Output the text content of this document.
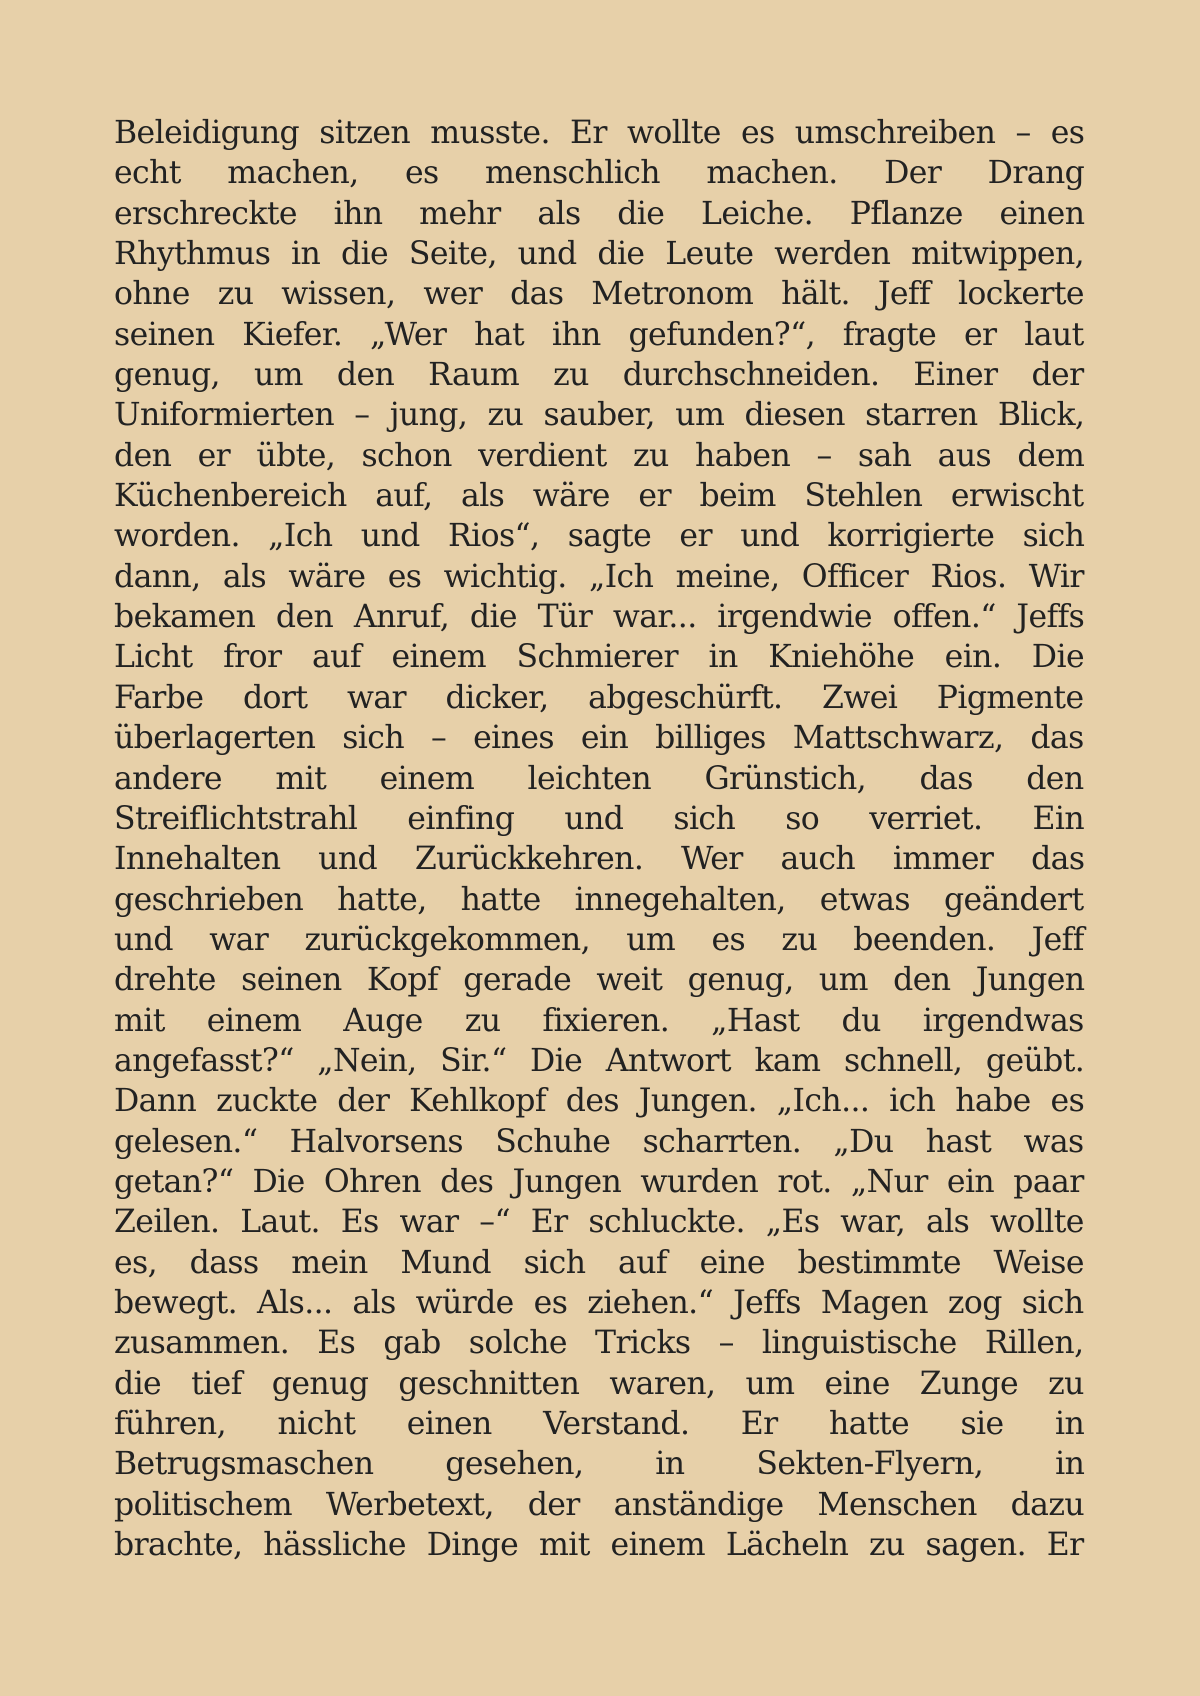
Beleidigung sitzen musste. Er wollte es umschreiben – es
echt machen, es menschlich machen. Der Drang
erschreckte ihn mehr als die Leiche. Pflanze einen
Rhythmus in die Seite, und die Leute werden mitwippen,
ohne zu wissen, wer das Metronom hält. Jeff lockerte
seinen Kiefer. „Wer hat ihn gefunden?“, fragte er laut
genug, um den Raum zu durchschneiden. Einer der
Uniformierten – jung, zu sauber, um diesen starren Blick,
den er übte, schon verdient zu haben – sah aus dem
Küchenbereich auf, als wäre er beim Stehlen erwischt
worden. „Ich und Rios“, sagte er und korrigierte sich
dann, als wäre es wichtig. „Ich meine, Officer Rios. Wir
bekamen den Anruf, die Tür war... irgendwie offen.“ Jeffs
Licht fror auf einem Schmierer in Kniehöhe ein. Die
Farbe dort war dicker, abgeschürft. Zwei Pigmente
überlagerten sich – eines ein billiges Mattschwarz, das
andere mit einem leichten Grünstich, das den
Streiflichtstrahl einfing und sich so verriet. Ein
Innehalten und Zurückkehren. Wer auch immer das
geschrieben hatte, hatte innegehalten, etwas geändert
und war zurückgekommen, um es zu beenden. Jeff
drehte seinen Kopf gerade weit genug, um den Jungen
mit einem Auge zu fixieren. „Hast du irgendwas
angefasst?“ „Nein, Sir.“ Die Antwort kam schnell, geübt.
Dann zuckte der Kehlkopf des Jungen. „Ich... ich habe es
gelesen.“ Halvorsens Schuhe scharrten. „Du hast was
getan?“ Die Ohren des Jungen wurden rot. „Nur ein paar
Zeilen. Laut. Es war –“ Er schluckte. „Es war, als wollte
es, dass mein Mund sich auf eine bestimmte Weise
bewegt. Als... als würde es ziehen.“ Jeffs Magen zog sich
zusammen. Es gab solche Tricks – linguistische Rillen,
die tief genug geschnitten waren, um eine Zunge zu
führen, nicht einen Verstand. Er hatte sie in
Betrugsmaschen gesehen, in Sekten-Flyern, in
politischem Werbetext, der anständige Menschen dazu
brachte, hässliche Dinge mit einem Lächeln zu sagen. Er
